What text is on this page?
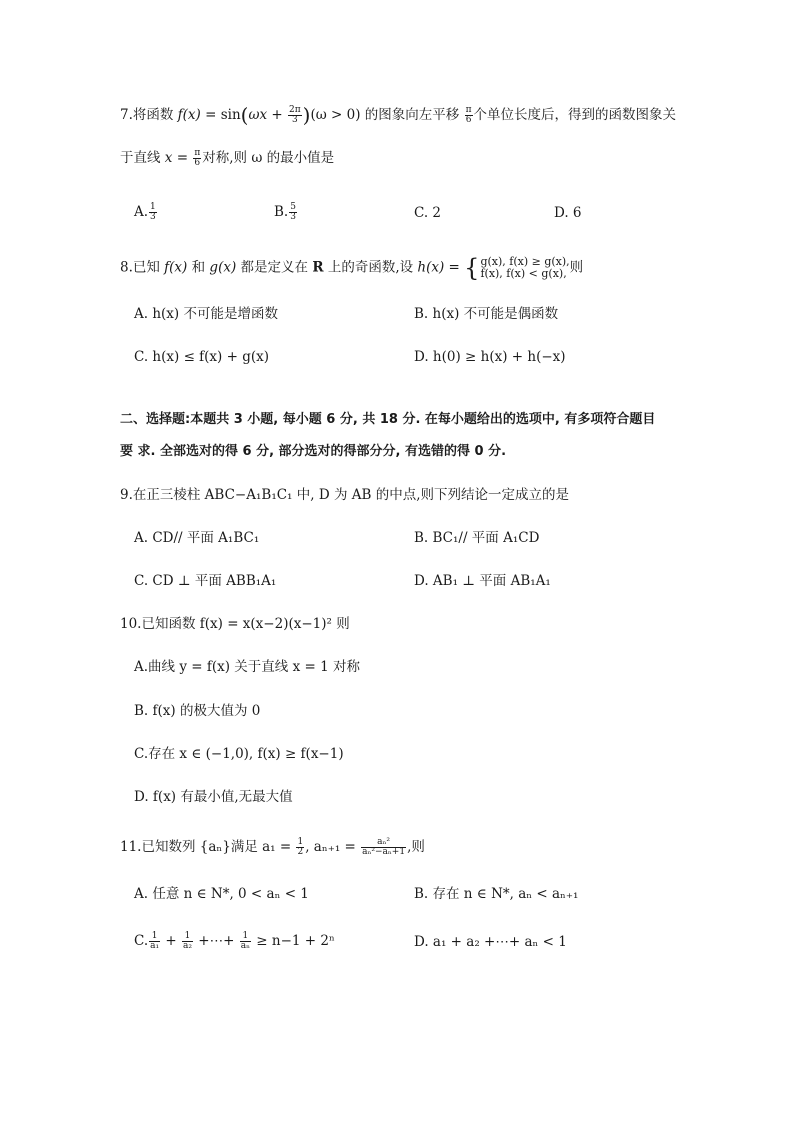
7.将函数 $f(x) = \sin(\omega x + \frac{2\pi}{3} )(\omega > 0)$ 的图象向左平移 $\frac{\pi}{6}$ 个单位长度后，得到的函数图象关
于直线 $x = \frac{\pi}{6}$ 对称,则 ω 的最小值是
A. $\frac{1}{3}$	B. $\frac{5}{3}$	C. 2	D. 6
8.已知 f(x) 和 g(x) 都是定义在 R 上的奇函数,设 h(x) = { g(x), f(x) ≥ g(x),
f(x), f(x) < g(x), 则
A. h(x) 不可能是增函数	B. h(x) 不可能是偶函数
C. h(x) ≤ f(x) + g(x)	D. h(0) ≥ h(x) + h(−x)
二、选择题:本题共 3 小题, 每小题 6 分, 共 18 分. 在每小题给出的选项中, 有多项符合题目
要 求. 全部选对的得 6 分, 部分选对的得部分分, 有选错的得 0 分.
9.在正三棱柱 ABC−A₁B₁C₁ 中, D 为 AB 的中点,则下列结论一定成立的是
A. CD// 平面 A₁BC₁	B. BC₁// 平面 A₁CD
C. CD ⊥ 平面 ABB₁A₁	D. AB₁ ⊥ 平面 AB₁A₁
10.已知函数 f(x) = x(x−2)(x−1)² 则
A.曲线 y = f(x) 关于直线 x = 1 对称
B. f(x) 的极大值为 0
C.存在 x ∈ (−1,0), f(x) ≥ f(x−1)
D. f(x) 有最小值,无最大值
11.已知数列 {aₙ}满足 $a_1 = \frac{1}{2}$ , $a_{n+1} = \frac{\text{aₙ²}}{\text{aₙ²−aₙ+1}}$ ,则
A. 任意 n ∈ N*, 0 < aₙ < 1	B. 存在 n ∈ N*, aₙ < aₙ₊₁
C. $\frac{1}{\text{a₁}} + \frac{1}{\text{a₂}}$ +⋯+ $\frac{1}{\text{aₙ}} \ge n-1 + 2^n$	D. a₁ + a₂ +⋯+ aₙ < 1
